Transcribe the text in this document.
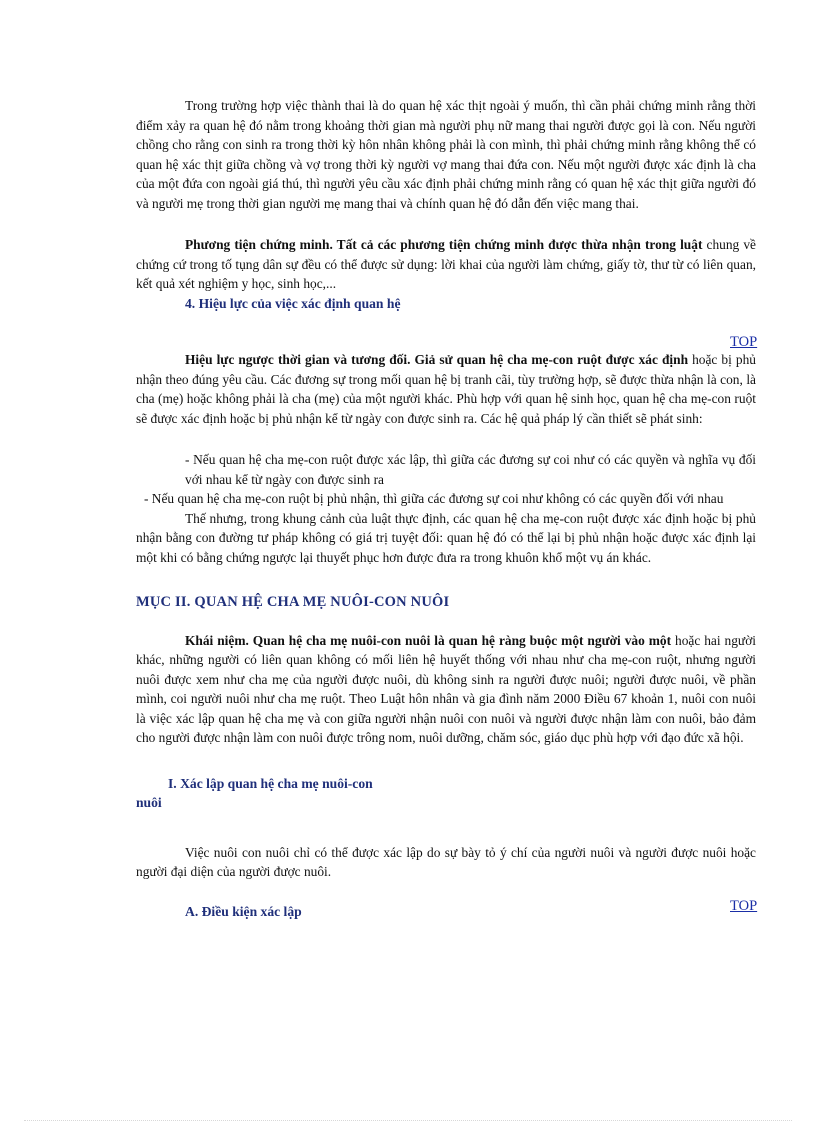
Trong trường hợp việc thành thai là do quan hệ xác thịt ngoài ý muốn, thì cần phải chứng minh rằng thời điểm xảy ra quan hệ đó nằm trong khoảng thời gian mà người phụ nữ mang thai người được gọi là con. Nếu người chồng cho rằng con sinh ra trong thời kỳ hôn nhân không phải là con mình, thì phải chứng minh rằng không thể có quan hệ xác thịt giữa chồng và vợ trong thời kỳ người vợ mang thai đứa con. Nếu một người được xác định là cha của một đứa con ngoài giá thú, thì người yêu cầu xác định phải chứng minh rằng có quan hệ xác thịt giữa người đó và người mẹ trong thời gian người mẹ mang thai và chính quan hệ đó dẫn đến việc mang thai.

Phương tiện chứng minh. Tất cả các phương tiện chứng minh được thừa nhận trong luật chung về chứng cứ trong tố tụng dân sự đều có thể được sử dụng: lời khai của người làm chứng, giấy tờ, thư từ có liên quan, kết quả xét nghiệm y học, sinh học,...

4. Hiệu lực của việc xác định quan hệ

Hiệu lực ngược thời gian và tương đối. Giả sử quan hệ cha mẹ-con ruột được xác định hoặc bị phủ nhận theo đúng yêu cầu. Các đương sự trong mối quan hệ bị tranh cãi, tùy trường hợp, sẽ được thừa nhận là con, là cha (mẹ) hoặc không phải là cha (mẹ) của một người khác. Phù hợp với quan hệ sinh học, quan hệ cha mẹ-con ruột sẽ được xác định hoặc bị phủ nhận kể từ ngày con được sinh ra. Các hệ quả pháp lý cần thiết sẽ phát sinh:

- Nếu quan hệ cha mẹ-con ruột được xác lập, thì giữa các đương sự coi như có các quyền và nghĩa vụ đối với nhau kể từ ngày con được sinh ra

- Nếu quan hệ cha mẹ-con ruột bị phủ nhận, thì giữa các đương sự coi như không có các quyền đối với nhau

Thế nhưng, trong khung cảnh của luật thực định, các quan hệ cha mẹ-con ruột được xác định hoặc bị phủ nhận bằng con đường tư pháp không có giá trị tuyệt đối: quan hệ đó có thể lại bị phủ nhận hoặc được xác định lại một khi có bằng chứng ngược lại thuyết phục hơn được đưa ra trong khuôn khổ một vụ án khác.

MỤC II. QUAN HỆ CHA MẸ NUÔI-CON NUÔI

Khái niệm. Quan hệ cha mẹ nuôi-con nuôi là quan hệ ràng buộc một người vào một hoặc hai người khác, những người có liên quan không có mối liên hệ huyết thống với nhau như cha mẹ-con ruột, nhưng người nuôi được xem như cha mẹ của người được nuôi, dù không sinh ra người được nuôi; người được nuôi, về phần mình, coi người nuôi như cha mẹ ruột. Theo Luật hôn nhân và gia đình năm 2000 Điều 67 khoản 1, nuôi con nuôi là việc xác lập quan hệ cha mẹ và con giữa người nhận nuôi con nuôi và người được nhận làm con nuôi, bảo đảm cho người được nhận làm con nuôi được trông nom, nuôi dưỡng, chăm sóc, giáo dục phù hợp với đạo đức xã hội.

I. Xác lập quan hệ cha mẹ nuôi-con

nuôi

Việc nuôi con nuôi chỉ có thể được xác lập do sự bày tỏ ý chí của người nuôi và người được nuôi hoặc người đại diện của người được nuôi.

A. Điều kiện xác lập

TOP
TOP
